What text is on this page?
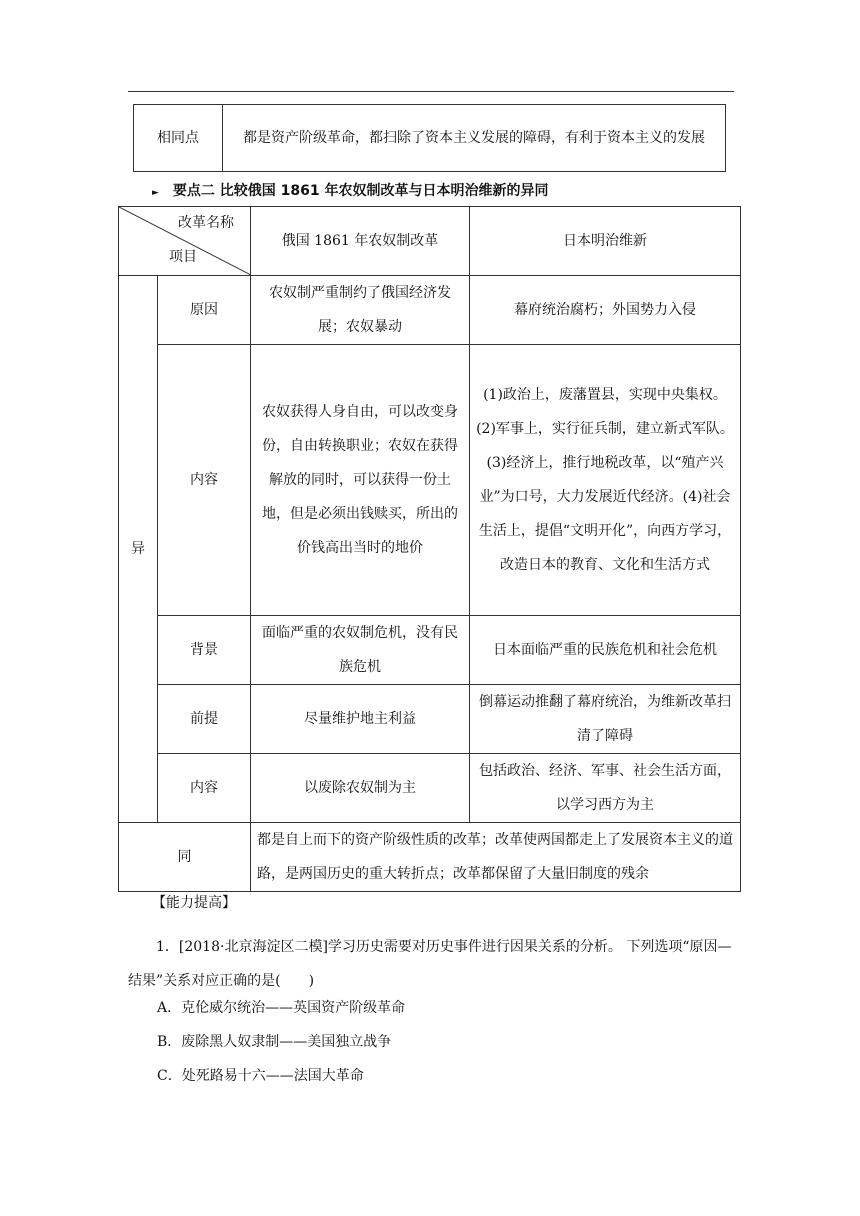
相同点	都是资产阶级革命，都扫除了资本主义发展的障碍，有利于资本主义的发展
► 要点二 比较俄国 1861 年农奴制改革与日本明治维新的异同
改革名称
项目		俄国 1861 年农奴制改革	日本明治维新
异	原因	农奴制严重制约了俄国经济发展；农奴暴动	幕府统治腐朽；外国势力入侵
	内容	农奴获得人身自由，可以改变身份，自由转换职业；农奴在获得解放的同时，可以获得一份土地，但是必须出钱赎买，所出的价钱高出当时的地价	(1)政治上，废藩置县，实现中央集权。(2)军事上，实行征兵制，建立新式军队。(3)经济上，推行地税改革，以“殖产兴业”为口号，大力发展近代经济。(4)社会生活上，提倡“文明开化”，向西方学习，改造日本的教育、文化和生活方式
	背景	面临严重的农奴制危机，没有民族危机	日本面临严重的民族危机和社会危机
	前提	尽量维护地主利益	倒幕运动推翻了幕府统治，为维新改革扫清了障碍
	内容	以废除农奴制为主	包括政治、经济、军事、社会生活方面，以学习西方为主
同		都是自上而下的资产阶级性质的改革；改革使两国都走上了发展资本主义的道路，是两国历史的重大转折点；改革都保留了大量旧制度的残余	
【能力提高】
1．[2018·北京海淀区二模]学习历史需要对历史事件进行因果关系的分析。 下列选项“原因—结果”关系对应正确的是(　　)
A．克伦威尔统治——英国资产阶级革命
B．废除黑人奴隶制——美国独立战争
C．处死路易十六——法国大革命
